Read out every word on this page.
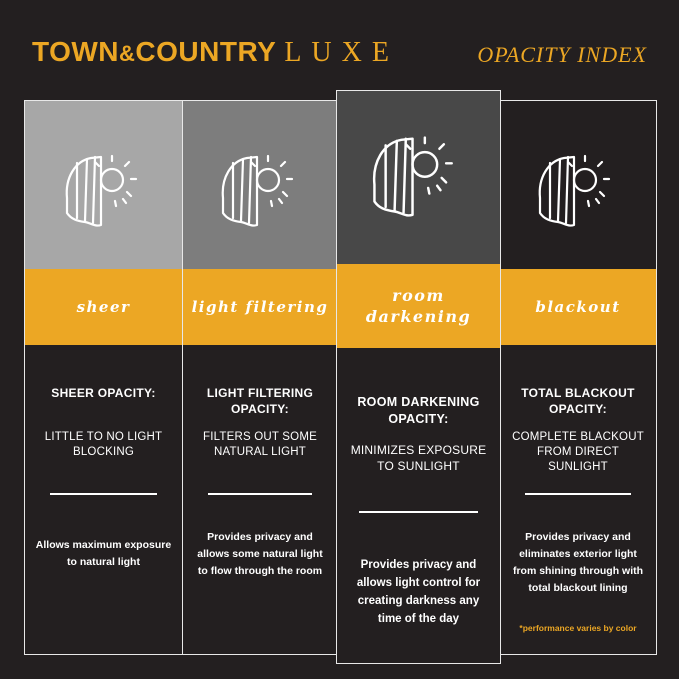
TOWN&COUNTRY LUXE	OPACITY INDEX
sheer
SHEER OPACITY:
LITTLE TO NO LIGHT BLOCKING
Allows maximum exposure to natural light
light filtering
LIGHT FILTERING OPACITY:
FILTERS OUT SOME NATURAL LIGHT
Provides privacy and allows some natural light to flow through the room
blackout
TOTAL BLACKOUT OPACITY:
COMPLETE BLACKOUT FROM DIRECT SUNLIGHT
Provides privacy and eliminates exterior light from shining through with total blackout lining
*performance varies by color
room darkening
ROOM DARKENING OPACITY:
MINIMIZES EXPOSURE TO SUNLIGHT
Provides privacy and allows light control for creating darkness any time of the day
